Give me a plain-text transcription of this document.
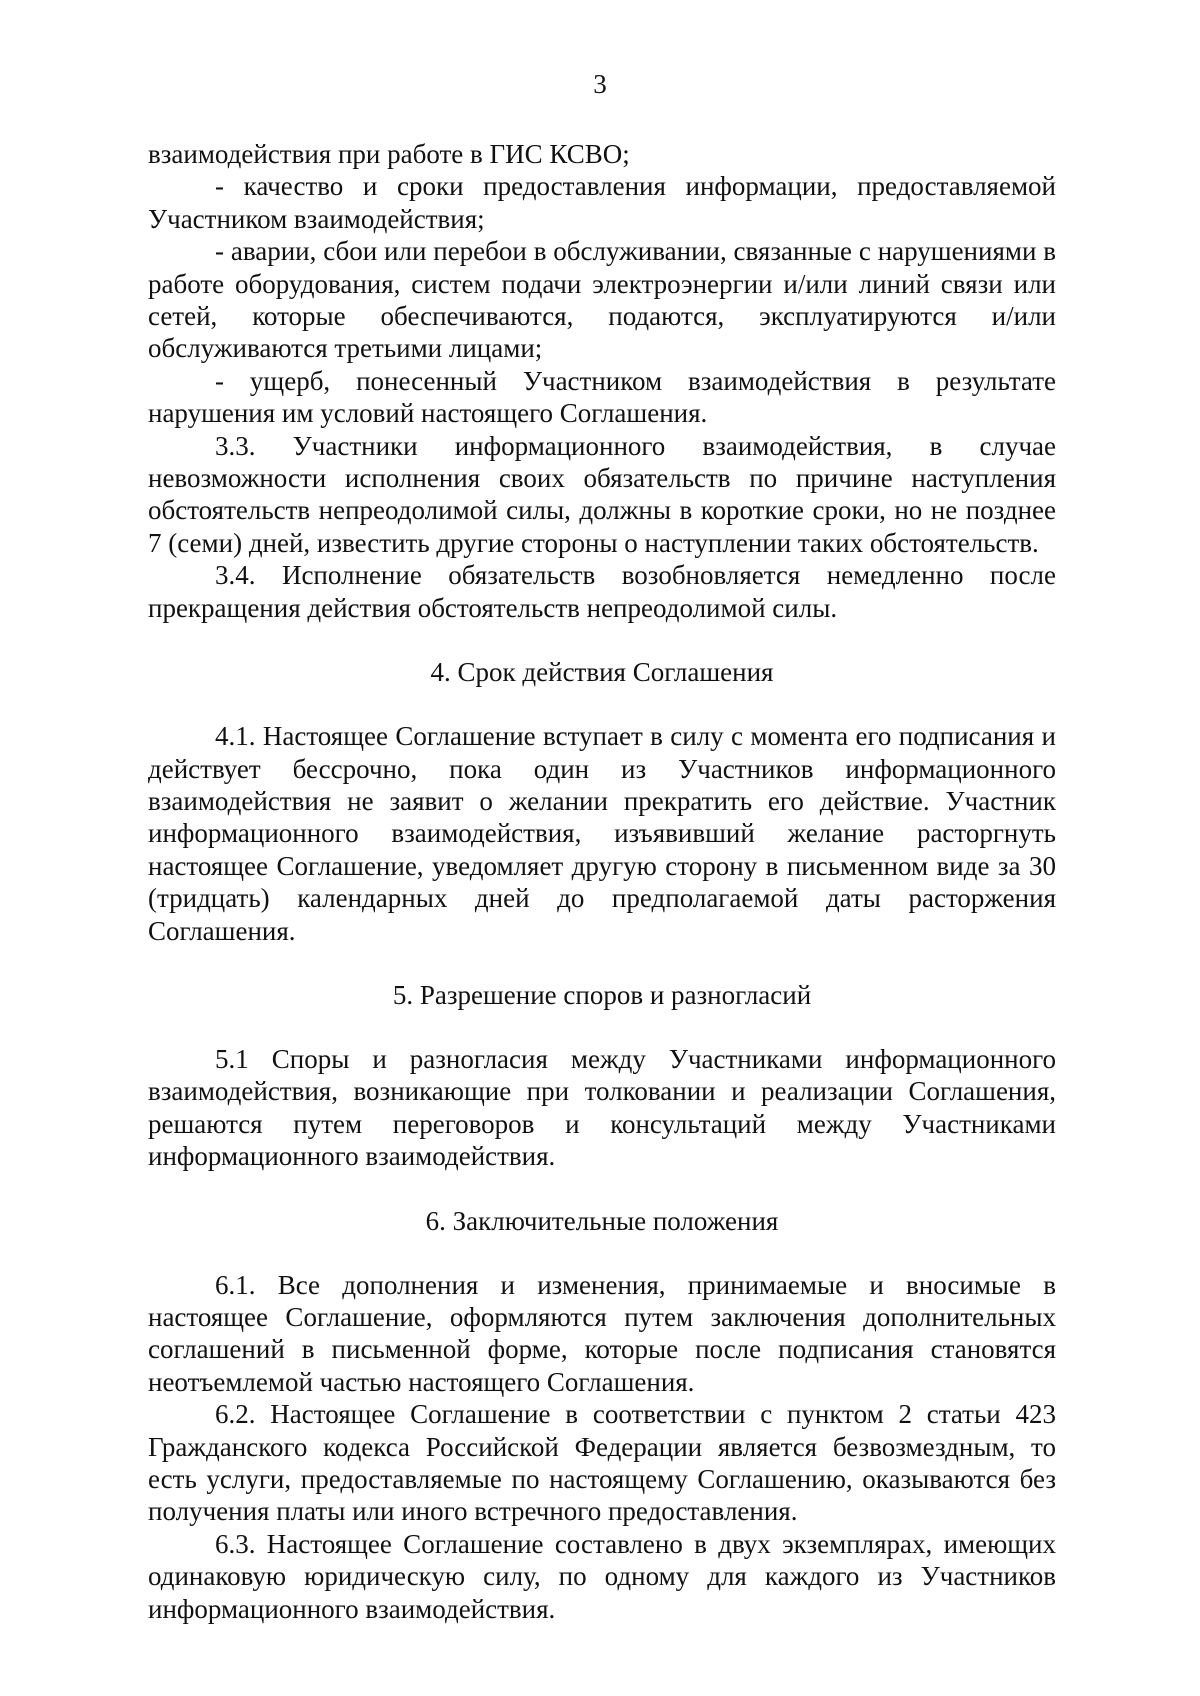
3

взаимодействия при работе в ГИС КСВО;

- качество и сроки предоставления информации, предоставляемой Участником взаимодействия;

- аварии, сбои или перебои в обслуживании, связанные с нарушениями в работе оборудования, систем подачи электроэнергии и/или линий связи или сетей, которые обеспечиваются, подаются, эксплуатируются и/или обслуживаются третьими лицами;

- ущерб, понесенный Участником взаимодействия в результате нарушения им условий настоящего Соглашения.

3.3. Участники информационного взаимодействия, в случае невозможности исполнения своих обязательств по причине наступления обстоятельств непреодолимой силы, должны в короткие сроки, но не позднее 7 (семи) дней, известить другие стороны о наступлении таких обстоятельств.

3.4. Исполнение обязательств возобновляется немедленно после прекращения действия обстоятельств непреодолимой силы.

4. Срок действия Соглашения

4.1. Настоящее Соглашение вступает в силу с момента его подписания и действует бессрочно, пока один из Участников информационного взаимодействия не заявит о желании прекратить его действие. Участник информационного взаимодействия, изъявивший желание расторгнуть настоящее Соглашение, уведомляет другую сторону в письменном виде за 30 (тридцать) календарных дней до предполагаемой даты расторжения Соглашения.

5. Разрешение споров и разногласий

5.1 Споры и разногласия между Участниками информационного взаимодействия, возникающие при толковании и реализации Соглашения, решаются путем переговоров и консультаций между Участниками информационного взаимодействия.

6. Заключительные положения

6.1. Все дополнения и изменения, принимаемые и вносимые в настоящее Соглашение, оформляются путем заключения дополнительных соглашений в письменной форме, которые после подписания становятся неотъемлемой частью настоящего Соглашения.

6.2. Настоящее Соглашение в соответствии с пунктом 2 статьи 423 Гражданского кодекса Российской Федерации является безвозмездным, то есть услуги, предоставляемые по настоящему Соглашению, оказываются без получения платы или иного встречного предоставления.

6.3. Настоящее Соглашение составлено в двух экземплярах, имеющих одинаковую юридическую силу, по одному для каждого из Участников информационного взаимодействия.
